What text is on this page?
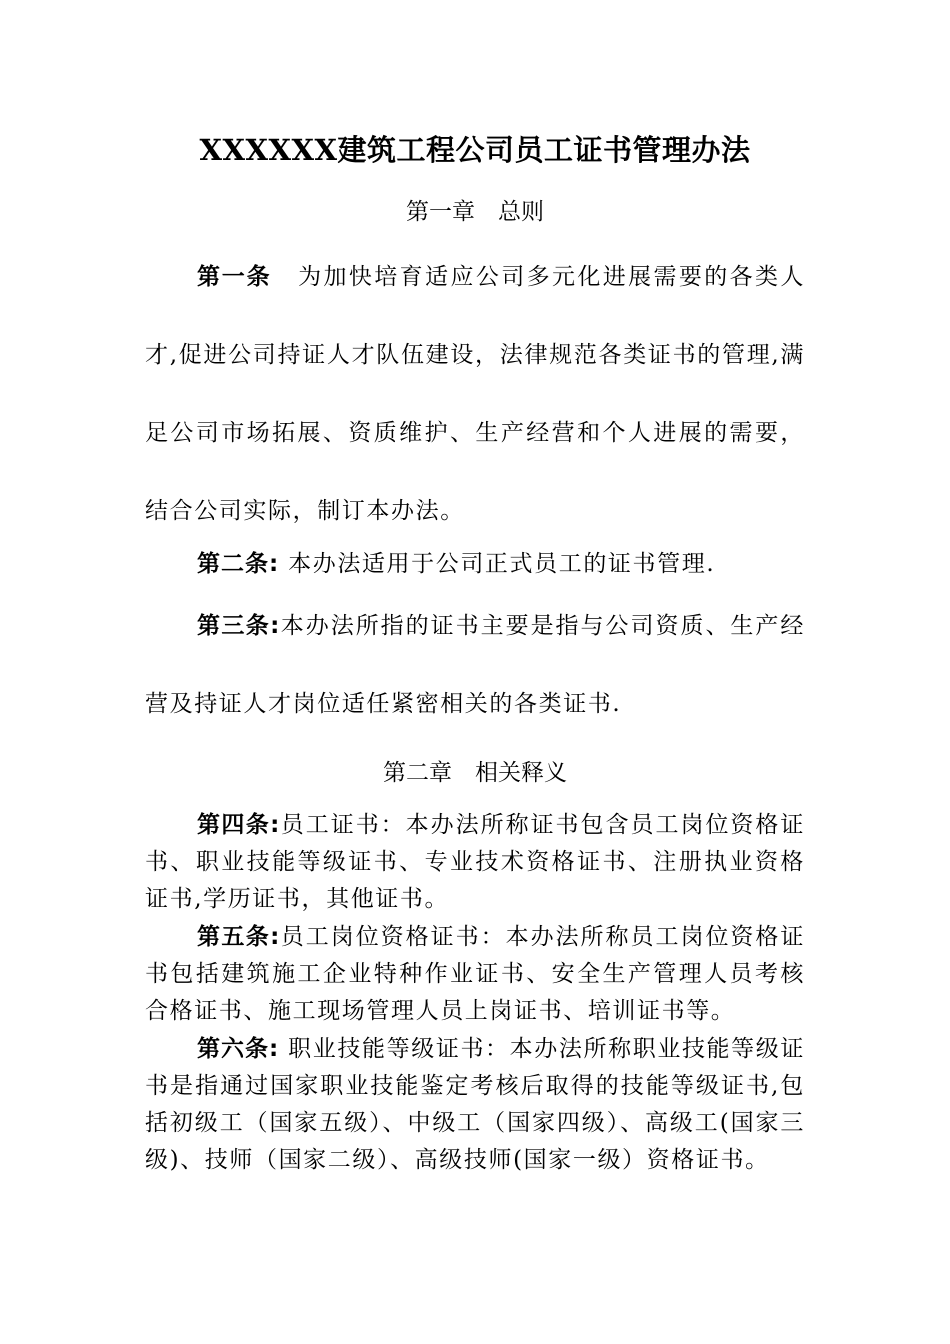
XXXXXX建筑工程公司员工证书管理办法
第一章　总则

第一条 为加快培育适应公司多元化进展需要的各类人才,促进公司持证人才队伍建设，法律规范各类证书的管理,满足公司市场拓展、资质维护、生产经营和个人进展的需要，结合公司实际，制订本办法。

第二条: 本办法适用于公司正式员工的证书管理.

第三条:本办法所指的证书主要是指与公司资质、生产经营及持证人才岗位适任紧密相关的各类证书.

第二章　相关释义

第四条:员工证书：本办法所称证书包含员工岗位资格证书、职业技能等级证书、专业技术资格证书、注册执业资格证书,学历证书，其他证书。

第五条:员工岗位资格证书：本办法所称员工岗位资格证书包括建筑施工企业特种作业证书、安全生产管理人员考核合格证书、施工现场管理人员上岗证书、培训证书等。

第六条: 职业技能等级证书：本办法所称职业技能等级证书是指通过国家职业技能鉴定考核后取得的技能等级证书,包括初级工（国家五级）、中级工（国家四级）、高级工(国家三级)、技师（国家二级）、高级技师(国家一级）资格证书。
